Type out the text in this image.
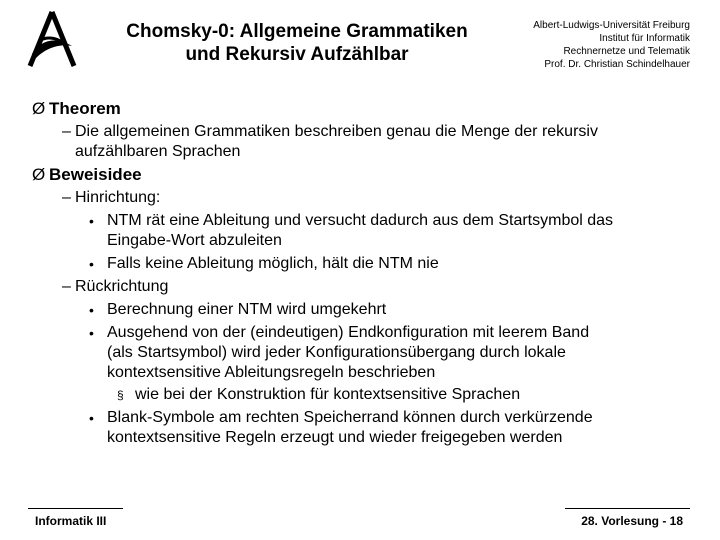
Chomsky-0: Allgemeine Grammatiken
und Rekursiv Aufzählbar
Albert-Ludwigs-Universität Freiburg
Institut für Informatik
Rechnernetze und Telematik
Prof. Dr. Christian Schindelhauer
Ø Theorem
– Die allgemeinen Grammatiken beschreiben genau die Menge der rekursiv
aufzählbaren Sprachen
Ø Beweisidee
– Hinrichtung:
• NTM rät eine Ableitung und versucht dadurch aus dem Startsymbol das
Eingabe-Wort abzuleiten
• Falls keine Ableitung möglich, hält die NTM nie
– Rückrichtung
• Berechnung einer NTM wird umgekehrt
• Ausgehend von der (eindeutigen) Endkonfiguration mit leerem Band
(als Startsymbol) wird jeder Konfigurationsübergang durch lokale
kontextsensitive Ableitungsregeln beschrieben
§ wie bei der Konstruktion für kontextsensitive Sprachen
• Blank-Symbole am rechten Speicherrand können durch verkürzende
kontextsensitive Regeln erzeugt und wieder freigegeben werden
Informatik III	28. Vorlesung - 18
